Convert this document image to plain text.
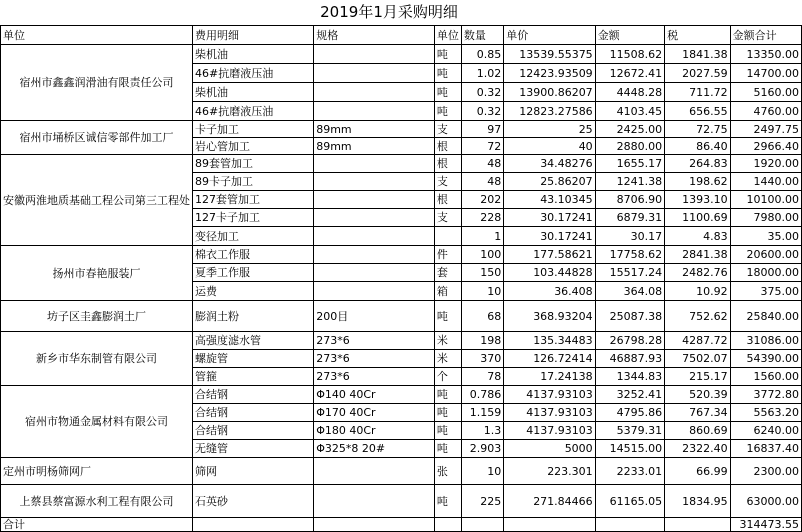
2019年1月采购明细
单位	费用明细	规格	单位	数量	单价	金额	税	金额合计
宿州市鑫鑫润滑油有限责任公司	柴机油		吨	0.85	13539.55375	11508.62	1841.38	13350.00
	46#抗磨液压油		吨	1.02	12423.93509	12672.41	2027.59	14700.00
	柴机油		吨	0.32	13900.86207	4448.28	711.72	5160.00
	46#抗磨液压油		吨	0.32	12823.27586	4103.45	656.55	4760.00
宿州市埇桥区诚信零部件加工厂	卡子加工	89mm	支	97	25	2425.00	72.75	2497.75
	岩心管加工	89mm	根	72	40	2880.00	86.40	2966.40
安徽两淮地质基础工程公司第三工程处	89套管加工		根	48	34.48276	1655.17	264.83	1920.00
	89卡子加工		支	48	25.86207	1241.38	198.62	1440.00
	127套管加工		根	202	43.10345	8706.90	1393.10	10100.00
	127卡子加工		支	228	30.17241	6879.31	1100.69	7980.00
	变径加工			1	30.17241	30.17	4.83	35.00
扬州市春艳服装厂	棉衣工作服		件	100	177.58621	17758.62	2841.38	20600.00
	夏季工作服		套	150	103.44828	15517.24	2482.76	18000.00
	运费		箱	10	36.408	364.08	10.92	375.00
坊子区圭鑫膨润土厂	膨润土粉	200目	吨	68	368.93204	25087.38	752.62	25840.00
新乡市华东制管有限公司	高强度滤水管	273*6	米	198	135.34483	26798.28	4287.72	31086.00
	螺旋管	273*6	米	370	126.72414	46887.93	7502.07	54390.00
	管箍	273*6	个	78	17.24138	1344.83	215.17	1560.00
宿州市物通金属材料有限公司	合结钢	Φ140 40Cr	吨	0.786	4137.93103	3252.41	520.39	3772.80
	合结钢	Φ170 40Cr	吨	1.159	4137.93103	4795.86	767.34	5563.20
	合结钢	Φ180 40Cr	吨	1.3	4137.93103	5379.31	860.69	6240.00
	无缝管	Φ325*8 20#	吨	2.903	5000	14515.00	2322.40	16837.40
定州市明杨筛网厂	筛网		张	10	223.301	2233.01	66.99	2300.00
上蔡县蔡富源水利工程有限公司	石英砂		吨	225	271.84466	61165.05	1834.95	63000.00
合计								314473.55
